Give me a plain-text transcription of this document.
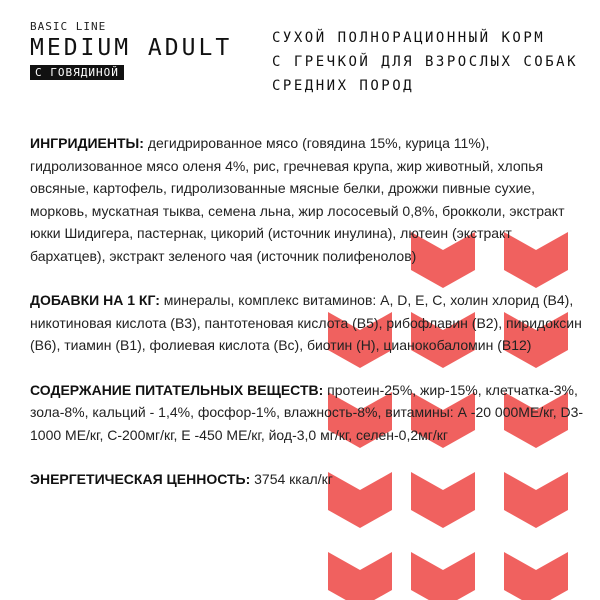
BASIC LINE
MEDIUM ADULT
С ГОВЯДИНОЙ
СУХОЙ ПОЛНОРАЦИОННЫЙ КОРМ
С ГРЕЧКОЙ ДЛЯ ВЗРОСЛЫХ СОБАК
СРЕДНИХ ПОРОД

ИНГРИДИЕНТЫ: дегидрированное мясо (говядина 15%, курица 11%), гидролизованное мясо оленя 4%, рис, гречневая крупа, жир животный, хлопья овсяные, картофель, гидролизованные мясные белки, дрожжи пивные сухие, морковь, мускатная тыква, семена льна, жир лососевый 0,8%, брокколи, экстракт юкки Шидигера, пастернак, цикорий (источник инулина), лютеин (экстракт бархатцев), экстракт зеленого чая (источник полифенолов)

ДОБАВКИ НА 1 КГ: минералы, комплекс витаминов: A, D, E, C, холин хлорид (B4), никотиновая кислота (B3), пантотеновая кислота (B5), рибофлавин (B2), пиридоксин (B6), тиамин (B1), фолиевая кислота (Bc), биотин (H), цианокобаломин (B12)

СОДЕРЖАНИЕ ПИТАТЕЛЬНЫХ ВЕЩЕСТВ: протеин-25%, жир-15%, клетчатка-3%, зола-8%, кальций - 1,4%, фосфор-1%, влажность-8%, витамины: А -20 000МЕ/кг, D3-1000 МЕ/кг, С-200мг/кг, Е -450 МЕ/кг, йод-3,0 мг/кг, селен-0,2мг/кг

ЭНЕРГЕТИЧЕСКАЯ ЦЕННОСТЬ: 3754 ккал/кг
